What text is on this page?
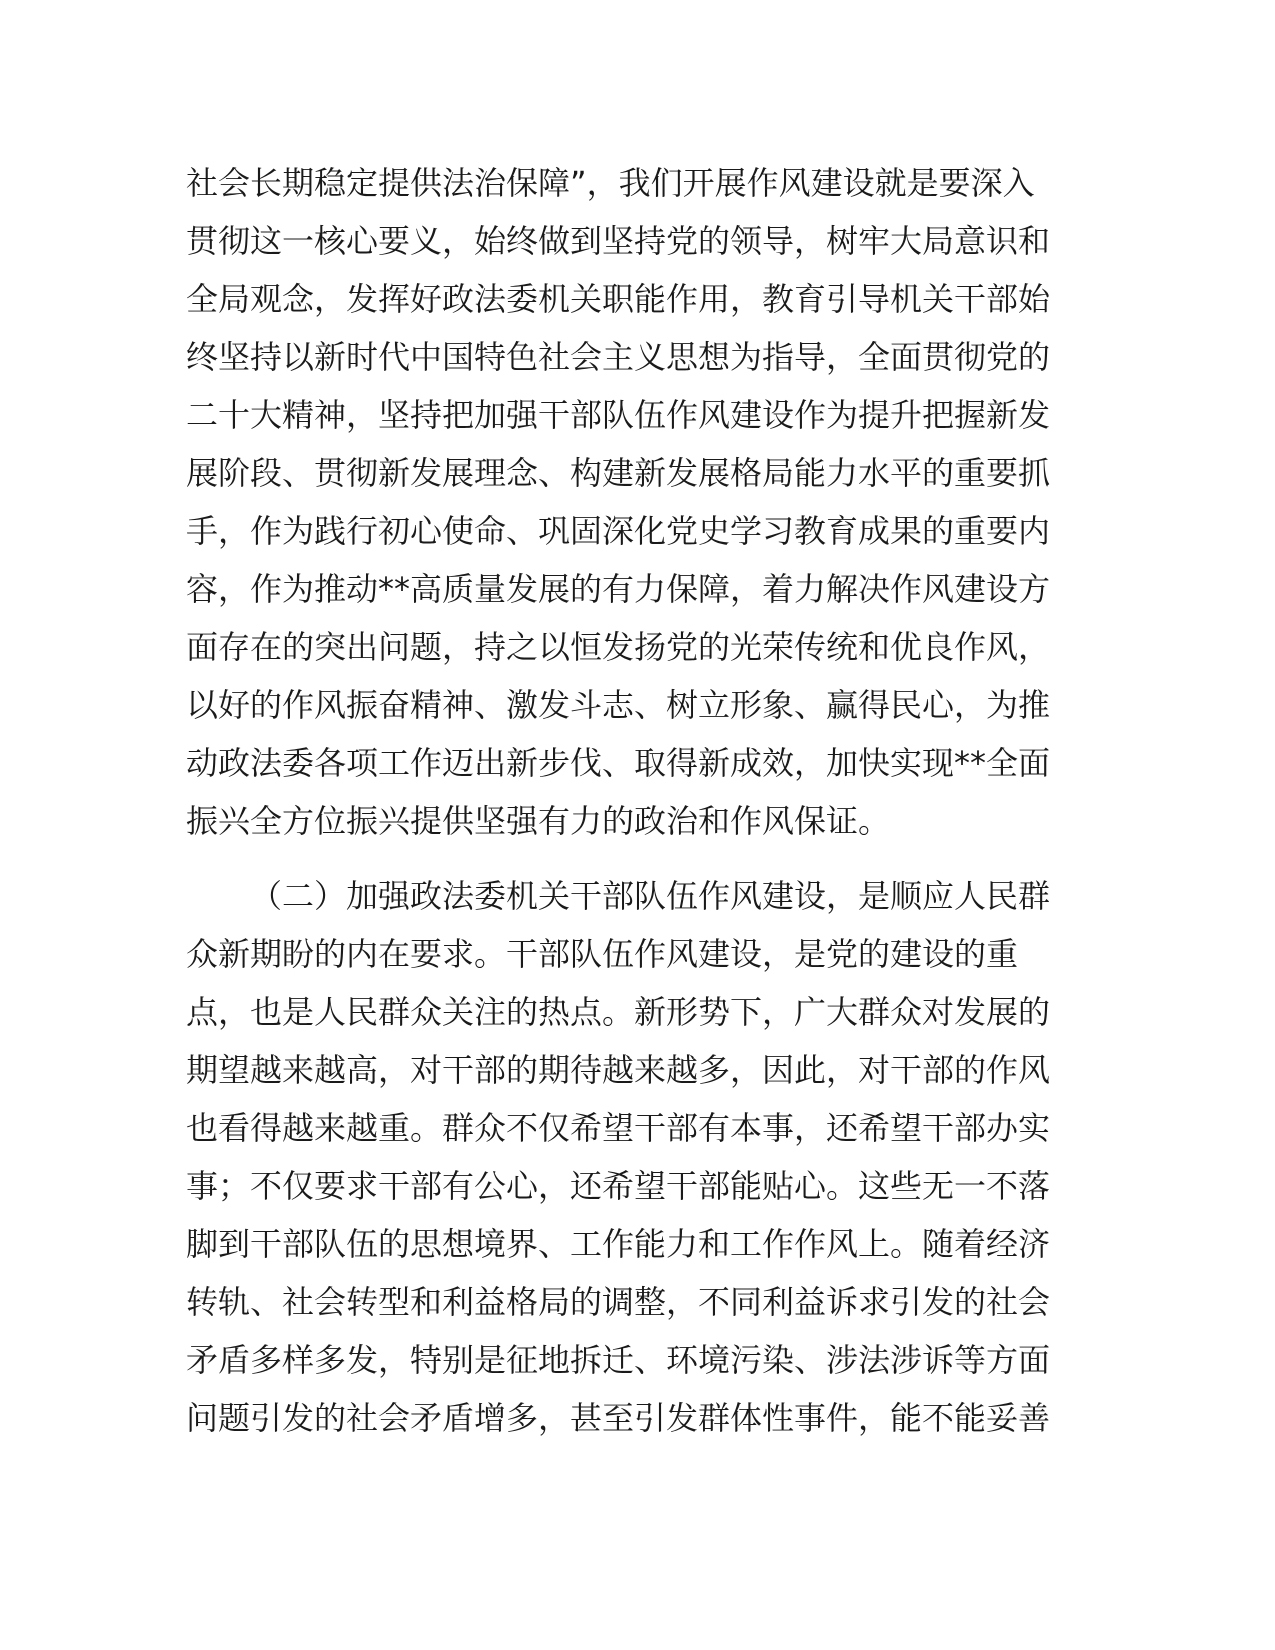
社会长期稳定提供法治保障”，我们开展作风建设就是要深入
贯彻这一核心要义，始终做到坚持党的领导，树牢大局意识和
全局观念，发挥好政法委机关职能作用，教育引导机关干部始
终坚持以新时代中国特色社会主义思想为指导，全面贯彻党的
二十大精神，坚持把加强干部队伍作风建设作为提升把握新发
展阶段、贯彻新发展理念、构建新发展格局能力水平的重要抓
手，作为践行初心使命、巩固深化党史学习教育成果的重要内
容，作为推动**高质量发展的有力保障，着力解决作风建设方
面存在的突出问题，持之以恒发扬党的光荣传统和优良作风，
以好的作风振奋精神、激发斗志、树立形象、赢得民心，为推
动政法委各项工作迈出新步伐、取得新成效，加快实现**全面
振兴全方位振兴提供坚强有力的政治和作风保证。
（二）加强政法委机关干部队伍作风建设，是顺应人民群
众新期盼的内在要求。干部队伍作风建设，是党的建设的重
点，也是人民群众关注的热点。新形势下，广大群众对发展的
期望越来越高，对干部的期待越来越多，因此，对干部的作风
也看得越来越重。群众不仅希望干部有本事，还希望干部办实
事；不仅要求干部有公心，还希望干部能贴心。这些无一不落
脚到干部队伍的思想境界、工作能力和工作作风上。随着经济
转轨、社会转型和利益格局的调整，不同利益诉求引发的社会
矛盾多样多发，特别是征地拆迁、环境污染、涉法涉诉等方面
问题引发的社会矛盾增多，甚至引发群体性事件，能不能妥善
